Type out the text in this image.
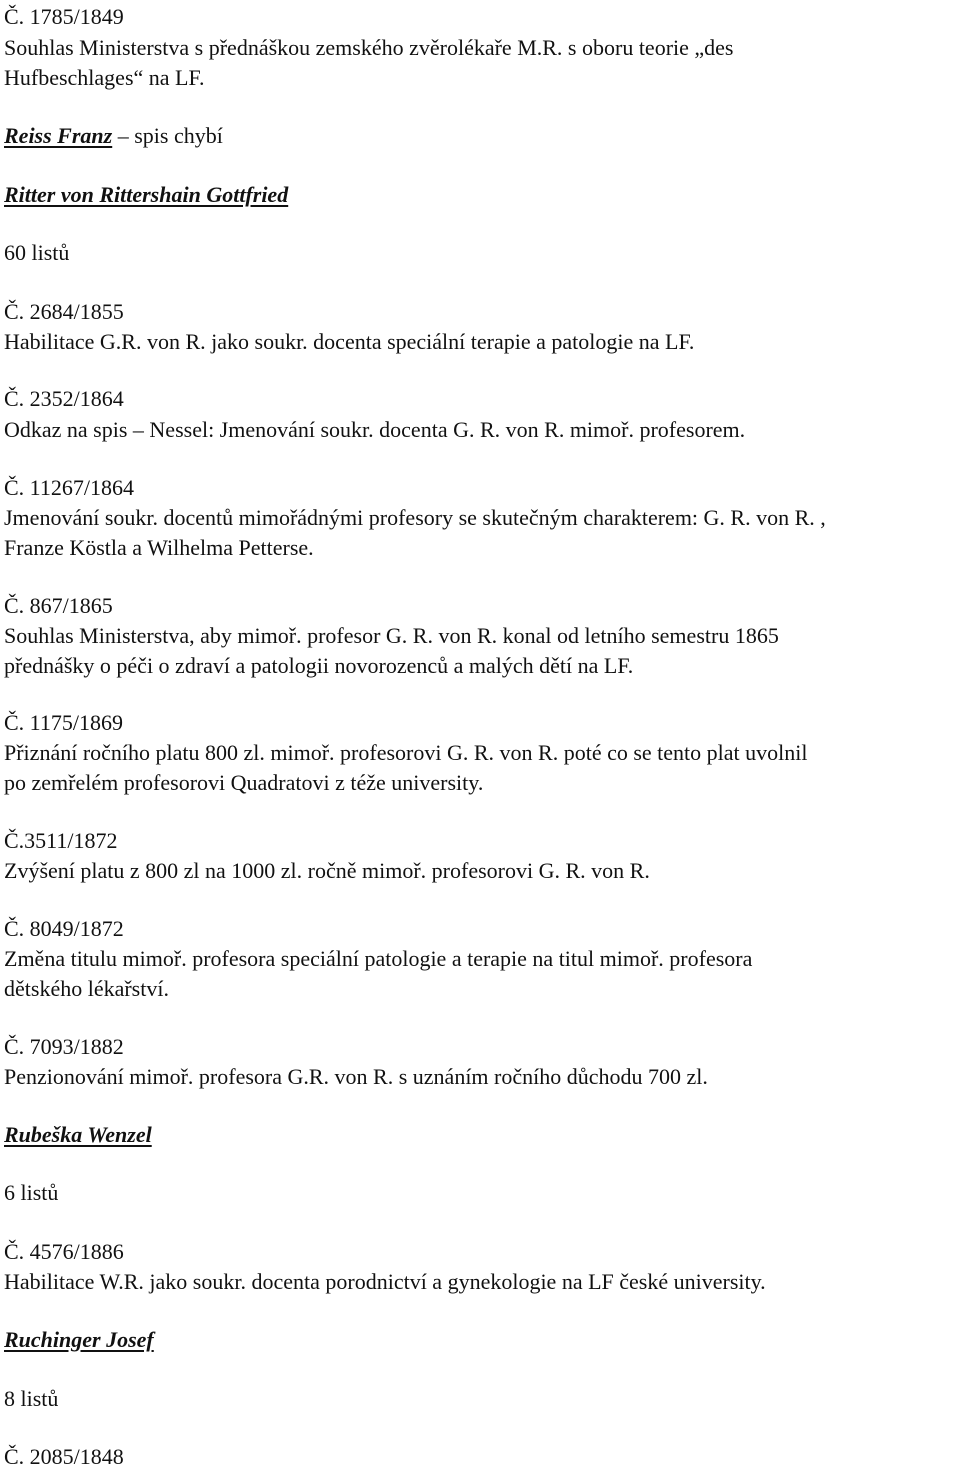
Č. 1785/1849
Souhlas Ministerstva s přednáškou zemského zvěrolékaře M.R. s oboru teorie „des
Hufbeschlages“ na LF.
Reiss Franz – spis chybí
Ritter von Rittershain Gottfried
60 listů
Č. 2684/1855
Habilitace G.R. von R. jako soukr. docenta speciální terapie a patologie na LF.
Č. 2352/1864
Odkaz na spis – Nessel: Jmenování soukr. docenta G. R. von R. mimoř. profesorem.
Č. 11267/1864
Jmenování soukr. docentů mimořádnými profesory se skutečným charakterem: G. R. von R. ,
Franze Köstla a Wilhelma Petterse.
Č. 867/1865
Souhlas Ministerstva, aby mimoř. profesor G. R. von R. konal od letního semestru 1865
přednášky o péči o zdraví a patologii novorozenců a malých dětí na LF.
Č. 1175/1869
Přiznání ročního platu 800 zl. mimoř. profesorovi G. R. von R. poté co se tento plat uvolnil
po zemřelém profesorovi Quadratovi z téže university.
Č.3511/1872
Zvýšení platu z 800 zl na 1000 zl. ročně mimoř. profesorovi G. R. von R.
Č. 8049/1872
Změna titulu mimoř. profesora speciální patologie a terapie na titul mimoř. profesora
dětského lékařství.
Č. 7093/1882
Penzionování mimoř. profesora G.R. von R. s uznáním ročního důchodu 700 zl.
Rubeška Wenzel
6 listů
Č. 4576/1886
Habilitace W.R. jako soukr. docenta porodnictví a gynekologie na LF české university.
Ruchinger Josef
8 listů
Č. 2085/1848
